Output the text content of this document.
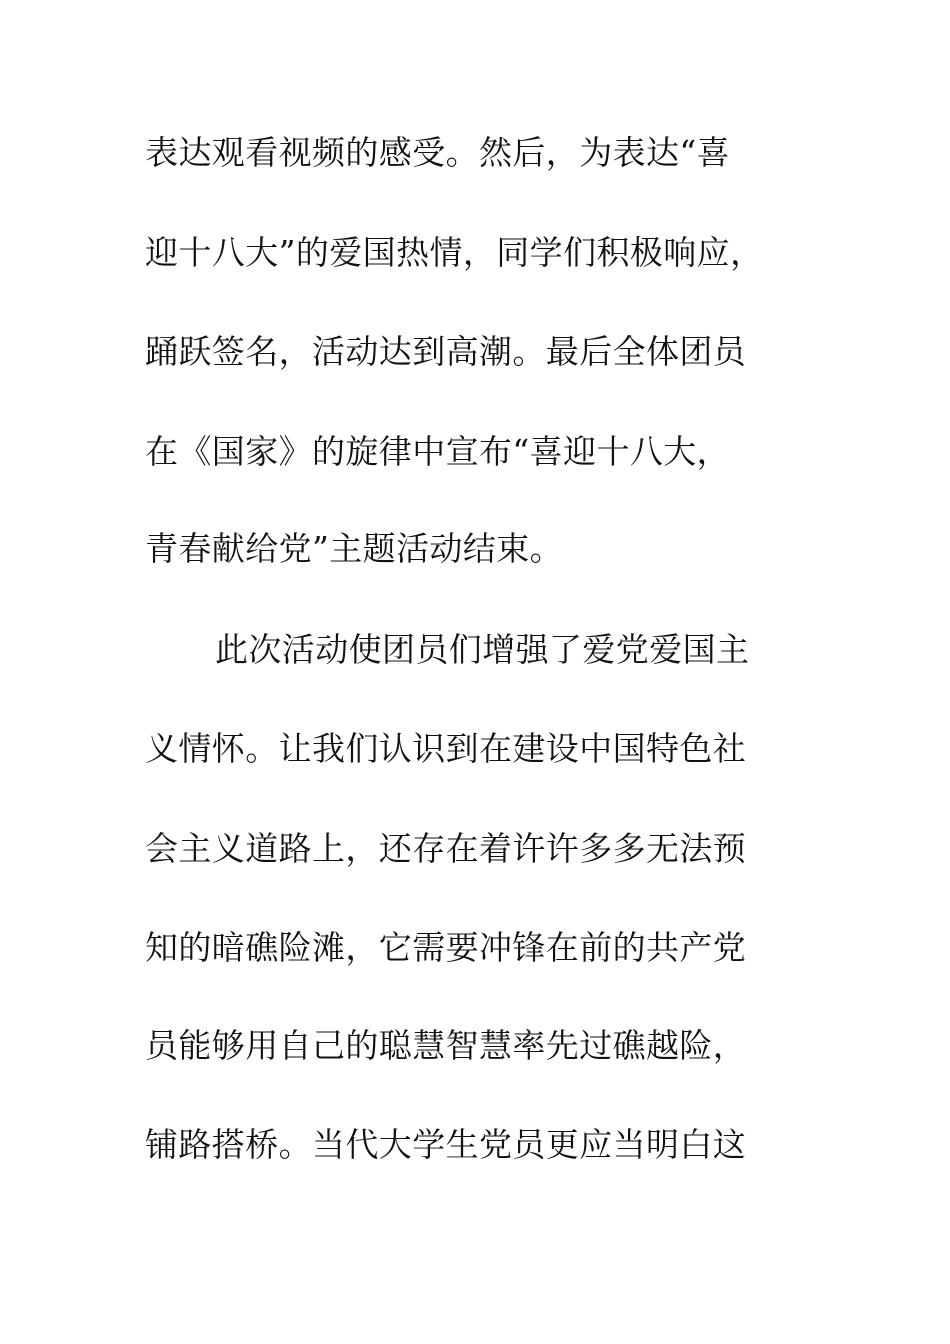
表达观看视频的感受。然后，为表达“喜
迎十八大”的爱国热情，同学们积极响应，
踊跃签名，活动达到高潮。最后全体团员
在《国家》的旋律中宣布“喜迎十八大，
青春献给党”主题活动结束。
此次活动使团员们增强了爱党爱国主
义情怀。让我们认识到在建设中国特色社
会主义道路上，还存在着许许多多无法预
知的暗礁险滩，它需要冲锋在前的共产党
员能够用自己的聪慧智慧率先过礁越险，
铺路搭桥。当代大学生党员更应当明白这
